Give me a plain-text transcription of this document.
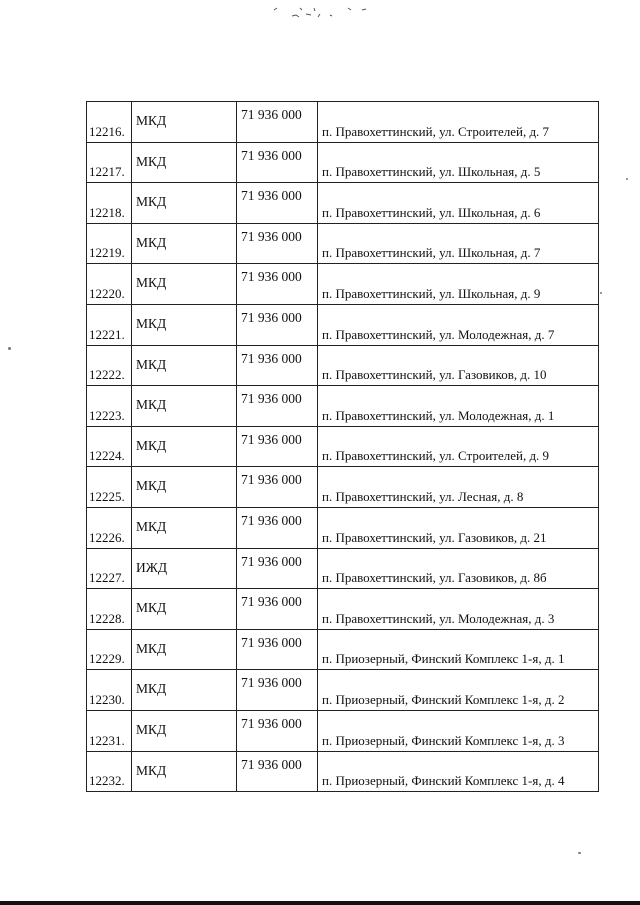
12216.	МКД	71 936 000	п. Правохеттинский, ул. Строителей, д. 7

12217.	МКД	71 936 000	п. Правохеттинский, ул. Школьная, д. 5

12218.	МКД	71 936 000	п. Правохеттинский, ул. Школьная, д. 6

12219.	МКД	71 936 000	п. Правохеттинский, ул. Школьная, д. 7

12220.	МКД	71 936 000	п. Правохеттинский, ул. Школьная, д. 9

12221.	МКД	71 936 000	п. Правохеттинский, ул. Молодежная, д. 7

12222.	МКД	71 936 000	п. Правохеттинский, ул. Газовиков, д. 10

12223.	МКД	71 936 000	п. Правохеттинский, ул. Молодежная, д. 1

12224.	МКД	71 936 000	п. Правохеттинский, ул. Строителей, д. 9

12225.	МКД	71 936 000	п. Правохеттинский, ул. Лесная, д. 8

12226.	МКД	71 936 000	п. Правохеттинский, ул. Газовиков, д. 21

12227.	ИЖД	71 936 000	п. Правохеттинский, ул. Газовиков, д. 8б

12228.	МКД	71 936 000	п. Правохеттинский, ул. Молодежная, д. 3

12229.	МКД	71 936 000	п. Приозерный, Финский Комплекс 1-я, д. 1

12230.	МКД	71 936 000	п. Приозерный, Финский Комплекс 1-я, д. 2

12231.	МКД	71 936 000	п. Приозерный, Финский Комплекс 1-я, д. 3

12232.	МКД	71 936 000	п. Приозерный, Финский Комплекс 1-я, д. 4
